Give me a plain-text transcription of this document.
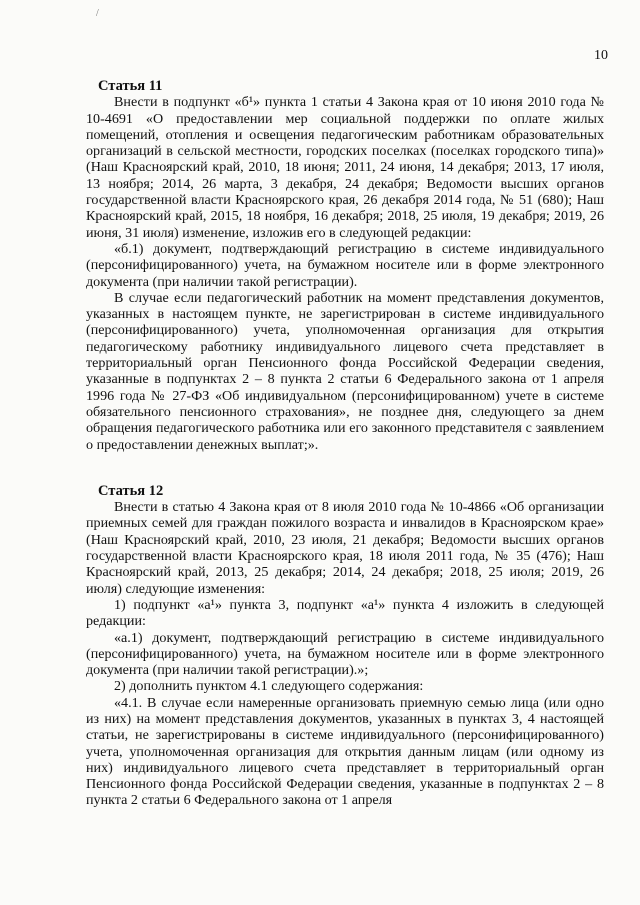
/
10
Статья 11

Внести в подпункт «б¹» пункта 1 статьи 4 Закона края от 10 июня 2010 года № 10-4691 «О предоставлении мер социальной поддержки по оплате жилых помещений, отопления и освещения педагогическим работникам образовательных организаций в сельской местности, городских поселках (поселках городского типа)» (Наш Красноярский край, 2010, 18 июня; 2011, 24 июня, 14 декабря; 2013, 17 июля, 13 ноября; 2014, 26 марта, 3 декабря, 24 декабря; Ведомости высших органов государственной власти Красноярского края, 26 декабря 2014 года, № 51 (680); Наш Красноярский край, 2015, 18 ноября, 16 декабря; 2018, 25 июля, 19 декабря; 2019, 26 июня, 31 июля) изменение, изложив его в следующей редакции:

«б.1) документ, подтверждающий регистрацию в системе индивидуального (персонифицированного) учета, на бумажном носителе или в форме электронного документа (при наличии такой регистрации).

В случае если педагогический работник на момент представления документов, указанных в настоящем пункте, не зарегистрирован в системе индивидуального (персонифицированного) учета, уполномоченная организация для открытия педагогическому работнику индивидуального лицевого счета представляет в территориальный орган Пенсионного фонда Российской Федерации сведения, указанные в подпунктах 2 – 8 пункта 2 статьи 6 Федерального закона от 1 апреля 1996 года № 27-ФЗ «Об индивидуальном (персонифицированном) учете в системе обязательного пенсионного страхования», не позднее дня, следующего за днем обращения педагогического работника или его законного представителя с заявлением о предоставлении денежных выплат;».

Статья 12

Внести в статью 4 Закона края от 8 июля 2010 года № 10-4866 «Об организации приемных семей для граждан пожилого возраста и инвалидов в Красноярском крае» (Наш Красноярский край, 2010, 23 июля, 21 декабря; Ведомости высших органов государственной власти Красноярского края, 18 июля 2011 года, № 35 (476); Наш Красноярский край, 2013, 25 декабря; 2014, 24 декабря; 2018, 25 июля; 2019, 26 июля) следующие изменения:

1) подпункт «а¹» пункта 3, подпункт «а¹» пункта 4 изложить в следующей редакции:

«а.1) документ, подтверждающий регистрацию в системе индивидуального (персонифицированного) учета, на бумажном носителе или в форме электронного документа (при наличии такой регистрации).»;

2) дополнить пунктом 4.1 следующего содержания:

«4.1. В случае если намеренные организовать приемную семью лица (или одно из них) на момент представления документов, указанных в пунктах 3, 4 настоящей статьи, не зарегистрированы в системе индивидуального (персонифицированного) учета, уполномоченная организация для открытия данным лицам (или одному из них) индивидуального лицевого счета представляет в территориальный орган Пенсионного фонда Российской Федерации сведения, указанные в подпунктах 2 – 8 пункта 2 статьи 6 Федерального закона от 1 апреля
